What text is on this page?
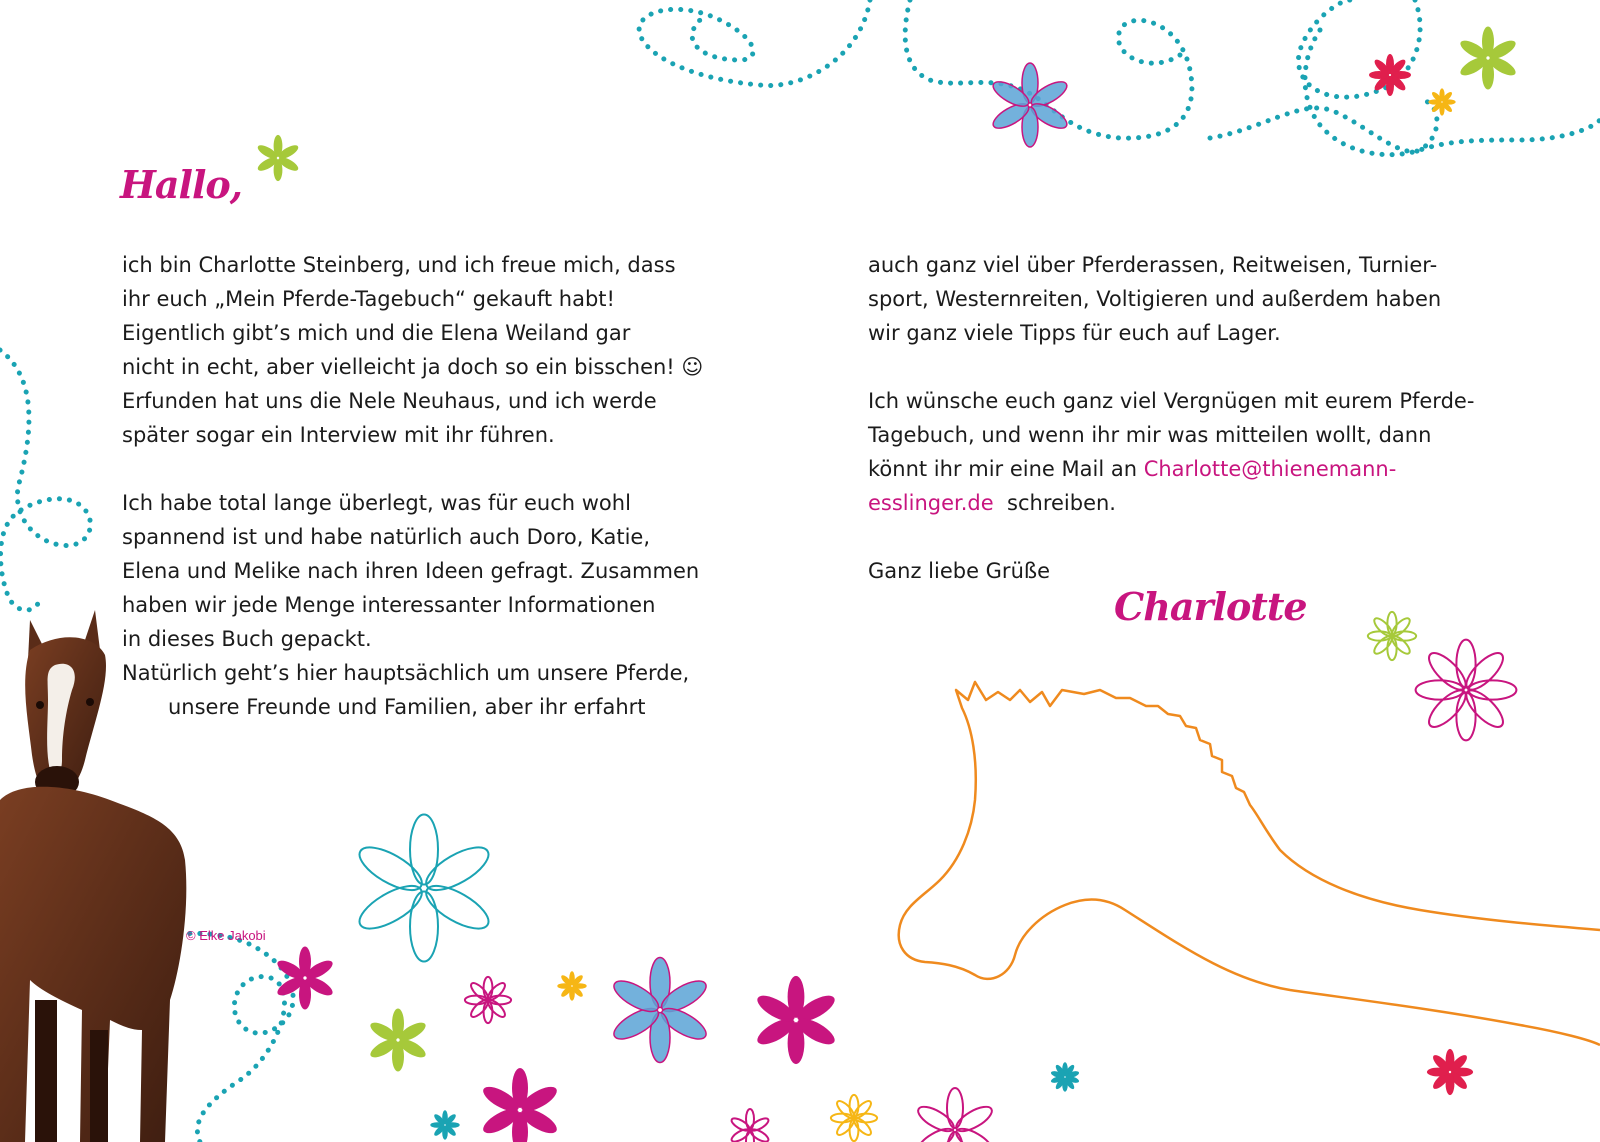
Hallo,

ich bin Charlotte Steinberg, und ich freue mich, dass
ihr euch „Mein Pferde-Tagebuch“ gekauft habt!
Eigentlich gibt’s mich und die Elena Weiland gar
nicht in echt, aber vielleicht ja doch so ein bisschen! ☺
Erfunden hat uns die Nele Neuhaus, und ich werde
später sogar ein Interview mit ihr führen.

Ich habe total lange überlegt, was für euch wohl
spannend ist und habe natürlich auch Doro, Katie,
Elena und Melike nach ihren Ideen gefragt. Zusammen
haben wir jede Menge interessanter Informationen
in dieses Buch gepackt.
Natürlich geht’s hier hauptsächlich um unsere Pferde,
unsere Freunde und Familien, aber ihr erfahrt

auch ganz viel über Pferderassen, Reitweisen, Turnier-
sport, Westernreiten, Voltigieren und außerdem haben
wir ganz viele Tipps für euch auf Lager.

Ich wünsche euch ganz viel Vergnügen mit eurem Pferde-
Tagebuch, und wenn ihr mir was mitteilen wollt, dann
könnt ihr mir eine Mail an Charlotte@thienemann-
esslinger.de  schreiben.

Ganz liebe Grüße

Charlotte
© Elke Jakobi
